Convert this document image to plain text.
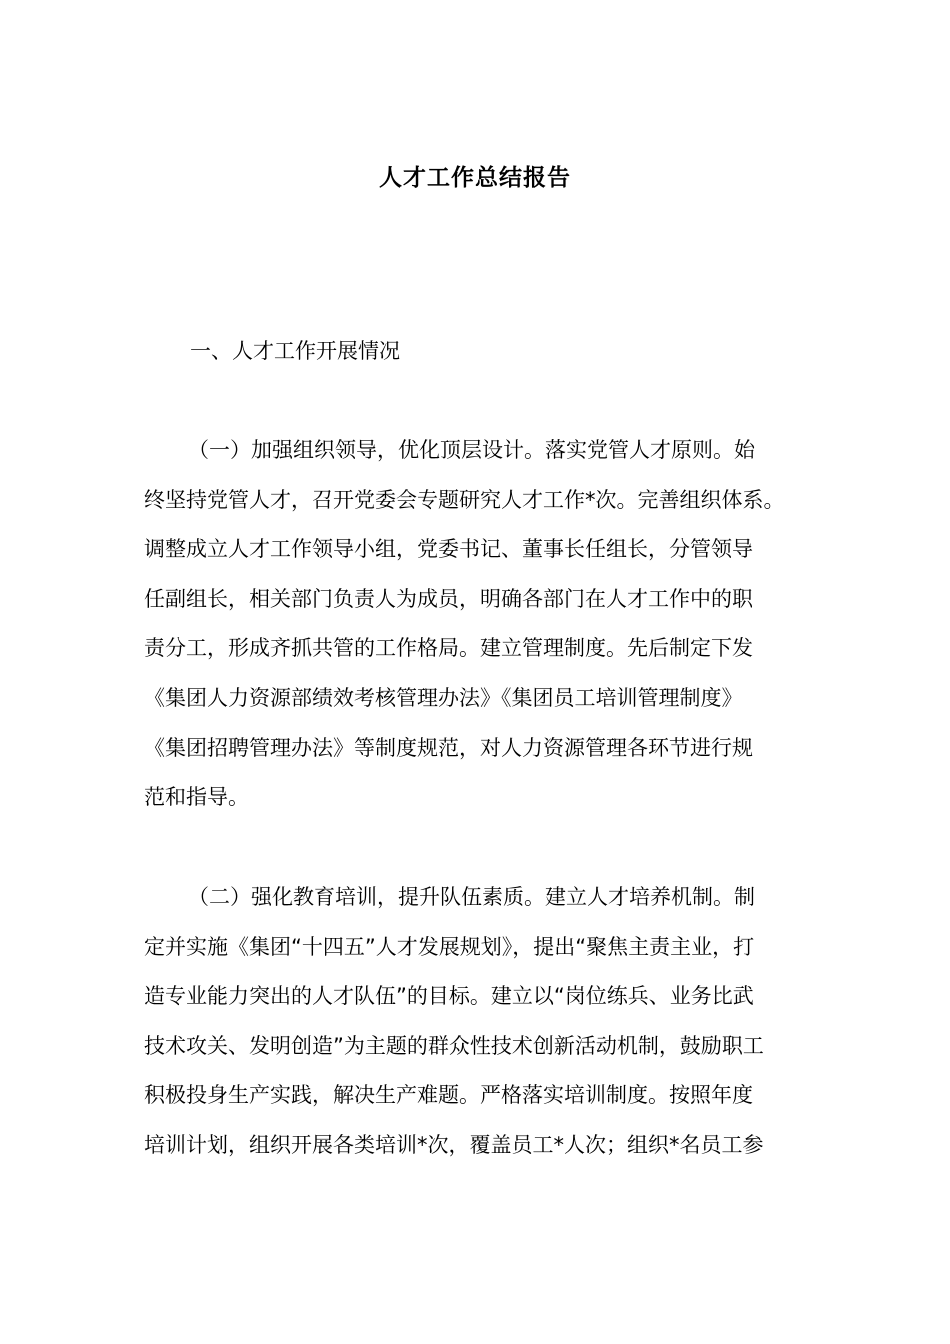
人才工作总结报告
一、人才工作开展情况
（一）加强组织领导，优化顶层设计。落实党管人才原则。始
终坚持党管人才，召开党委会专题研究人才工作*次。完善组织体系。
调整成立人才工作领导小组，党委书记、董事长任组长，分管领导
任副组长，相关部门负责人为成员，明确各部门在人才工作中的职
责分工，形成齐抓共管的工作格局。建立管理制度。先后制定下发
《集团人力资源部绩效考核管理办法》《集团员工培训管理制度》
《集团招聘管理办法》等制度规范，对人力资源管理各环节进行规
范和指导。
（二）强化教育培训，提升队伍素质。建立人才培养机制。制
定并实施《集团“十四五”人才发展规划》，提出“聚焦主责主业，打
造专业能力突出的人才队伍”的目标。建立以“岗位练兵、业务比武
技术攻关、发明创造”为主题的群众性技术创新活动机制，鼓励职工
积极投身生产实践，解决生产难题。严格落实培训制度。按照年度
培训计划，组织开展各类培训*次，覆盖员工*人次；组织*名员工参
